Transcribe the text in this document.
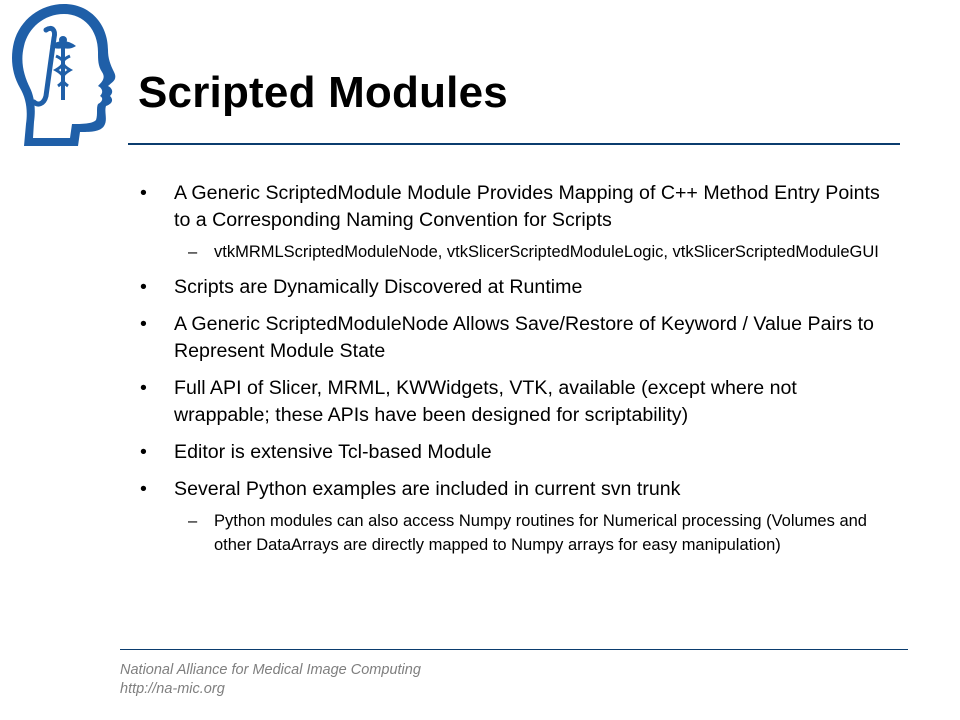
Scripted Modules
• A Generic ScriptedModule Module Provides Mapping of C++ Method Entry Points to a Corresponding Naming Convention for Scripts
– vtkMRMLScriptedModuleNode, vtkSlicerScriptedModuleLogic, vtkSlicerScriptedModuleGUI
• Scripts are Dynamically Discovered at Runtime
• A Generic ScriptedModuleNode Allows Save/Restore of Keyword / Value Pairs to Represent Module State
• Full API of Slicer, MRML, KWWidgets, VTK, available (except where not wrappable; these APIs have been designed for scriptability)
• Editor is extensive Tcl-based Module
• Several Python examples are included in current svn trunk
– Python modules can also access Numpy routines for Numerical processing (Volumes and other DataArrays are directly mapped to Numpy arrays for easy manipulation)
National Alliance for Medical Image Computing
http://na-mic.org
